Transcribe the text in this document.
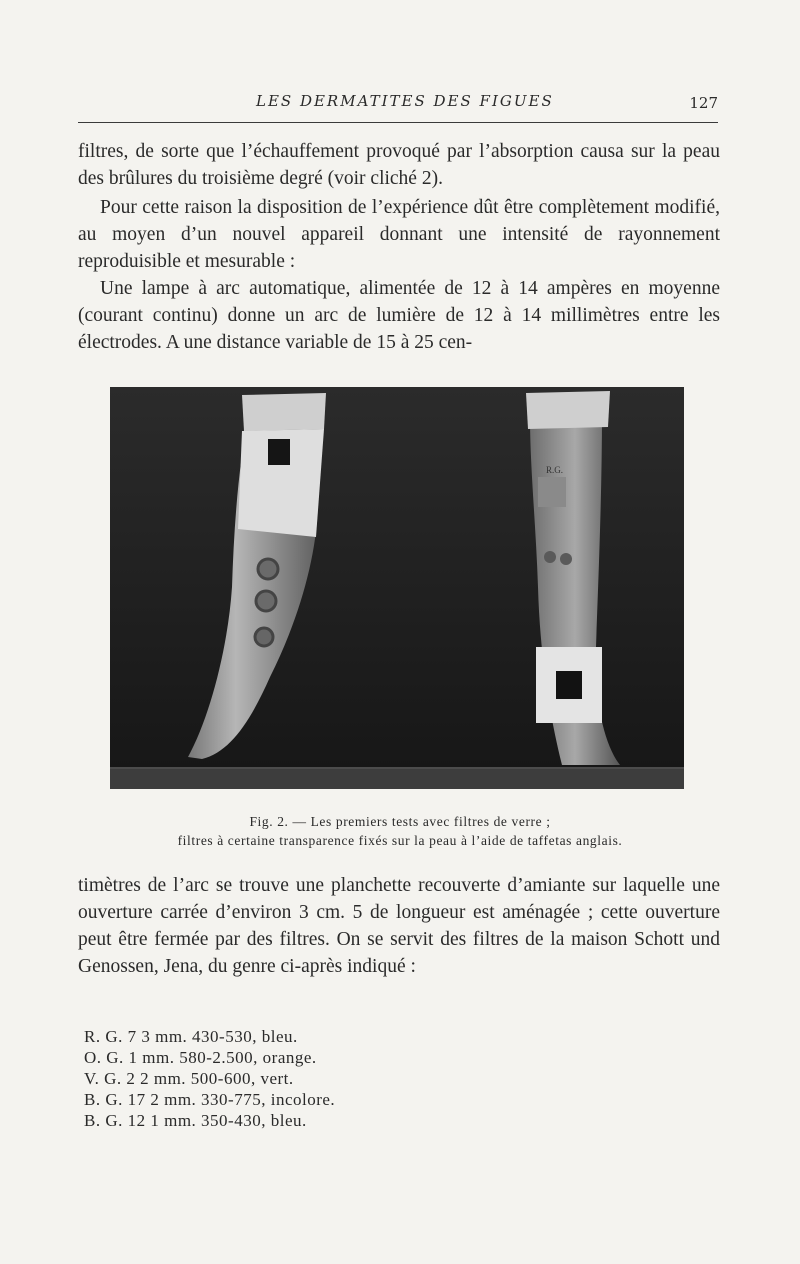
LES DERMATITES DES FIGUES	127

filtres, de sorte que l’échauffement provoqué par l’absorption causa sur la peau des brûlures du troisième degré (voir cliché 2).

Pour cette raison la disposition de l’expérience dût être complètement modifié, au moyen d’un nouvel appareil donnant une intensité de rayonnement reproduisible et mesurable :

Une lampe à arc automatique, alimentée de 12 à 14 ampères en moyenne (courant continu) donne un arc de lumière de 12 à 14 millimètres entre les électrodes. A une distance variable de 15 à 25 cen-

R.G.
Fig. 2. — Les premiers tests avec filtres de verre ;
filtres à certaine transparence fixés sur la peau à l’aide de taffetas anglais.

timètres de l’arc se trouve une planchette recouverte d’amiante sur laquelle une ouverture carrée d’environ 3 cm. 5 de longueur est aménagée ; cette ouverture peut être fermée par des filtres. On se servit des filtres de la maison Schott und Genossen, Jena, du genre ci-après indiqué :

R. G. 7 3 mm. 430-530, bleu.
O. G. 1 mm. 580-2.500, orange.
V. G. 2 2 mm. 500-600, vert.
B. G. 17 2 mm. 330-775, incolore.
B. G. 12 1 mm. 350-430, bleu.
